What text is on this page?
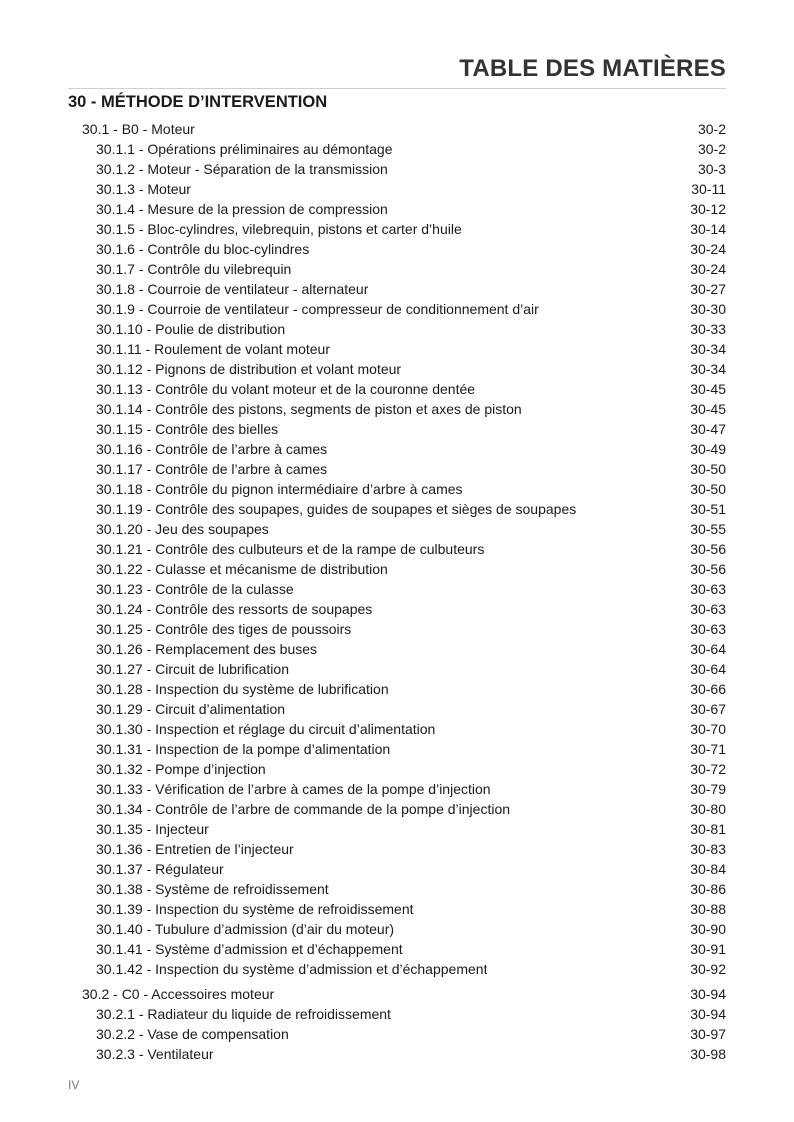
TABLE DES MATIÈRES
30 - MÉTHODE D’INTERVENTION
30.1 - B0 - Moteur	30-2
30.1.1 - Opérations préliminaires au démontage	30-2
30.1.2 - Moteur - Séparation de la transmission	30-3
30.1.3 - Moteur	30-11
30.1.4 - Mesure de la pression de compression	30-12
30.1.5 - Bloc-cylindres, vilebrequin, pistons et carter d’huile	30-14
30.1.6 - Contrôle du bloc-cylindres	30-24
30.1.7 - Contrôle du vilebrequin	30-24
30.1.8 - Courroie de ventilateur - alternateur	30-27
30.1.9 - Courroie de ventilateur - compresseur de conditionnement d’air	30-30
30.1.10 - Poulie de distribution	30-33
30.1.11 - Roulement de volant moteur	30-34
30.1.12 - Pignons de distribution et volant moteur	30-34
30.1.13 - Contrôle du volant moteur et de la couronne dentée	30-45
30.1.14 - Contrôle des pistons, segments de piston et axes de piston	30-45
30.1.15 - Contrôle des bielles	30-47
30.1.16 - Contrôle de l’arbre à cames	30-49
30.1.17 - Contrôle de l’arbre à cames	30-50
30.1.18 - Contrôle du pignon intermédiaire d’arbre à cames	30-50
30.1.19 - Contrôle des soupapes, guides de soupapes et sièges de soupapes	30-51
30.1.20 - Jeu des soupapes	30-55
30.1.21 - Contrôle des culbuteurs et de la rampe de culbuteurs	30-56
30.1.22 - Culasse et mécanisme de distribution	30-56
30.1.23 - Contrôle de la culasse	30-63
30.1.24 - Contrôle des ressorts de soupapes	30-63
30.1.25 - Contrôle des tiges de poussoirs	30-63
30.1.26 - Remplacement des buses	30-64
30.1.27 - Circuit de lubrification	30-64
30.1.28 - Inspection du système de lubrification	30-66
30.1.29 - Circuit d’alimentation	30-67
30.1.30 - Inspection et réglage du circuit d’alimentation	30-70
30.1.31 - Inspection de la pompe d’alimentation	30-71
30.1.32 - Pompe d’injection	30-72
30.1.33 - Vérification de l’arbre à cames de la pompe d’injection	30-79
30.1.34 - Contrôle de l’arbre de commande de la pompe d’injection	30-80
30.1.35 - Injecteur	30-81
30.1.36 - Entretien de l’injecteur	30-83
30.1.37 - Régulateur	30-84
30.1.38 - Système de refroidissement	30-86
30.1.39 - Inspection du système de refroidissement	30-88
30.1.40 - Tubulure d’admission (d’air du moteur)	30-90
30.1.41 - Système d’admission et d’échappement	30-91
30.1.42 - Inspection du système d’admission et d’échappement	30-92
30.2 - C0 - Accessoires moteur	30-94
30.2.1 - Radiateur du liquide de refroidissement	30-94
30.2.2 - Vase de compensation	30-97
30.2.3 - Ventilateur	30-98
IV
